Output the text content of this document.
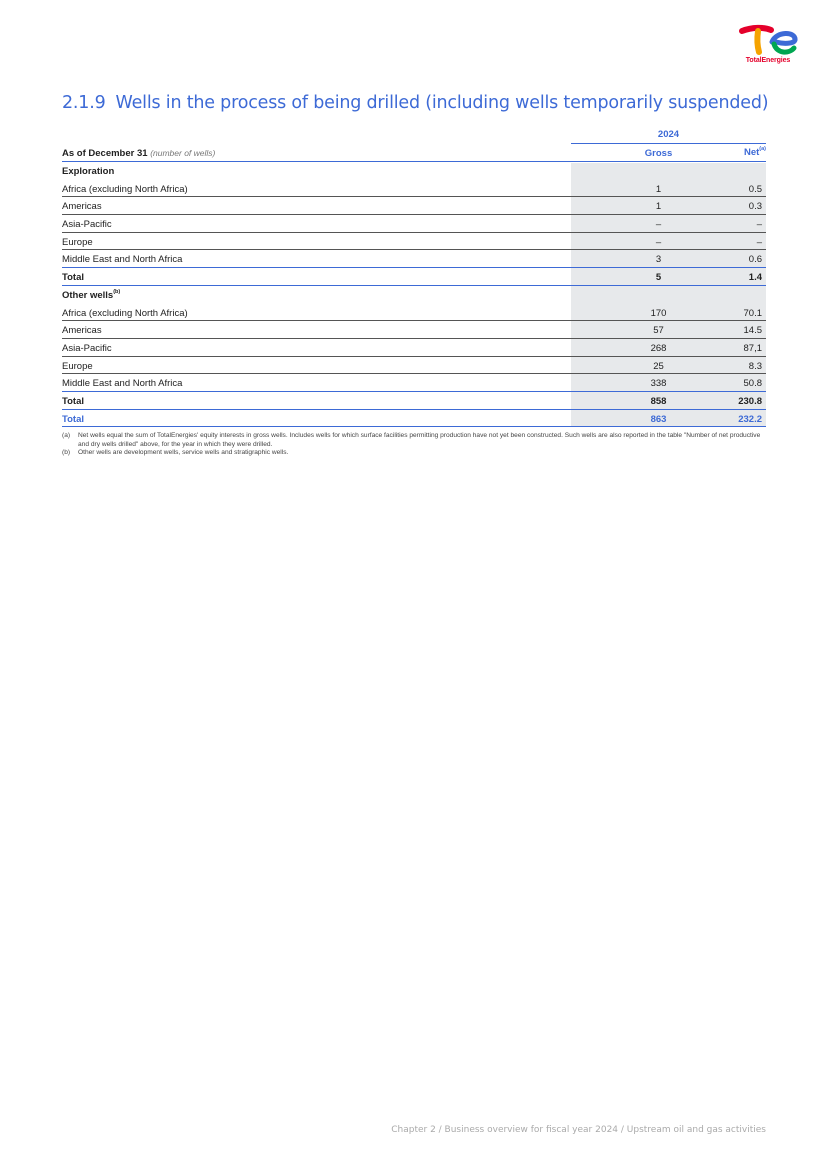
TotalEnergies
2.1.9 Wells in the process of being drilled (including wells temporarily suspended)
2024
As of December 31 (number of wells)	Gross	Net$^{(a)}$
Exploration
Africa (excluding North Africa)	1	0.5
Americas	1	0.3
Asia-Pacific	–	–
Europe	–	–
Middle East and North Africa	3	0.6
Total	5	1.4
Other wells$^{(b)}$
Africa (excluding North Africa)	170	70.1
Americas	57	14.5
Asia-Pacific	268	87,1
Europe	25	8.3
Middle East and North Africa	338	50.8
Total	858	230.8
Total	863	232.2
(a) Net wells equal the sum of TotalEnergies' equity interests in gross wells. Includes wells for which surface facilities permitting production have not yet been constructed. Such wells are also reported in the table "Number of net productive and dry wells drilled" above, for the year in which they were drilled.
(b) Other wells are development wells, service wells and stratigraphic wells.
Chapter 2 / Business overview for fiscal year 2024 / Upstream oil and gas activities
